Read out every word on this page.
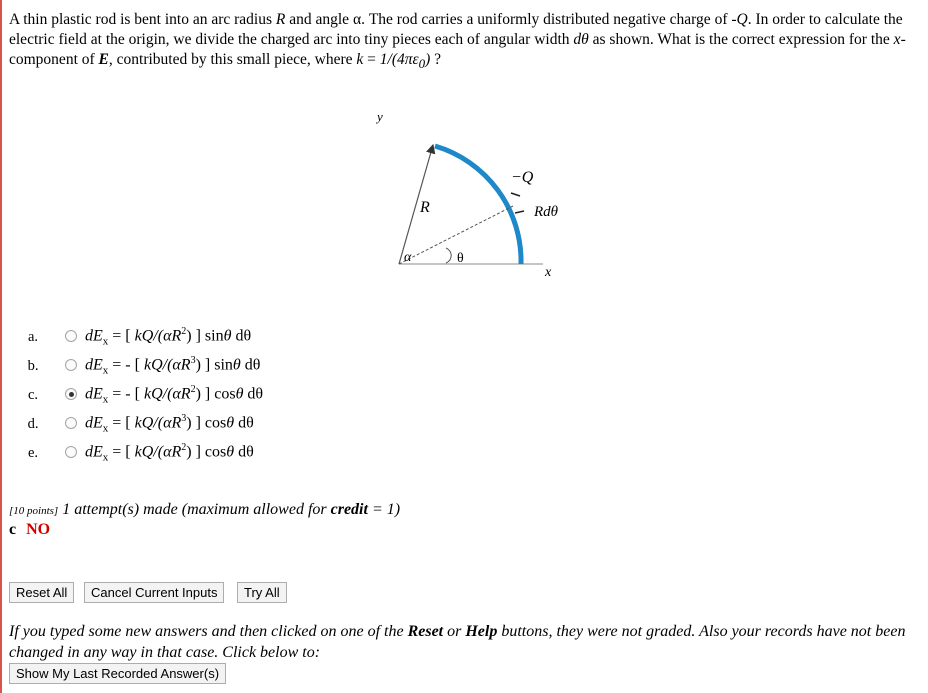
A thin plastic rod is bent into an arc radius R and angle α. The rod carries a uniformly distributed negative charge of -Q. In order to calculate the electric field at the origin, we divide the charged arc into tiny pieces each of angular width dθ as shown. What is the correct expression for the x-component of E, contributed by this small piece, where $k = 1/(4\pi\varepsilon_0)$ ?
y
x
R
−Q
Rdθ
α	θ
a.	$dE_x$ = [ $kQ/(\alpha R^2)$ ] sinθ dθ
b.	$dE_x$ = - [ $kQ/(\alpha R^3)$ ] sinθ dθ
c.	$dE_x$ = - [ $kQ/(\alpha R^2)$ ] cosθ dθ
d.	$dE_x$ = [ $kQ/(\alpha R^3)$ ] cosθ dθ
e.	$dE_x$ = [ $kQ/(\alpha R^2)$ ] cosθ dθ
[10 points] 1 attempt(s) made (maximum allowed for credit = 1)
c NO
Reset All	Cancel Current Inputs	Try All
If you typed some new answers and then clicked on one of the Reset or Help buttons, they were not graded. Also your records have not been changed in any way in that case. Click below to:
Show My Last Recorded Answer(s)
